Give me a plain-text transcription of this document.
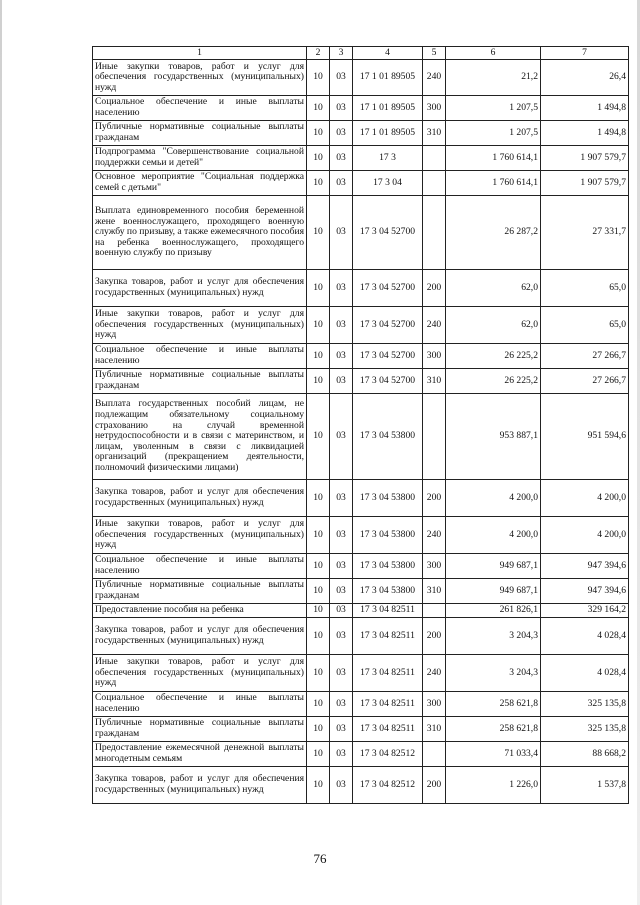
1	2	3	4	5	6	7
Иные закупки товаров, работ и услуг для обеспечения государственных (муниципальных) нужд	10	03	17 1 01 89505	240	21,2	26,4
Социальное обеспечение и иные выплаты населению	10	03	17 1 01 89505	300	1 207,5	1 494,8
Публичные нормативные социальные выплаты гражданам	10	03	17 1 01 89505	310	1 207,5	1 494,8
Подпрограмма "Совершенствование социальной поддержки семьи и детей"	10	03	17 3		1 760 614,1	1 907 579,7
Основное мероприятие "Социальная поддержка семей с детьми"	10	03	17 3 04		1 760 614,1	1 907 579,7
Выплата единовременного пособия беременной жене военнослужащего, проходящего военную службу по призыву, а также ежемесячного пособия на ребенка военнослужащего, проходящего военную службу по призыву	10	03	17 3 04 52700		26 287,2	27 331,7
Закупка товаров, работ и услуг для обеспечения государственных (муниципальных) нужд	10	03	17 3 04 52700	200	62,0	65,0
Иные закупки товаров, работ и услуг для обеспечения государственных (муниципальных) нужд	10	03	17 3 04 52700	240	62,0	65,0
Социальное обеспечение и иные выплаты населению	10	03	17 3 04 52700	300	26 225,2	27 266,7
Публичные нормативные социальные выплаты гражданам	10	03	17 3 04 52700	310	26 225,2	27 266,7
Выплата государственных пособий лицам, не подлежащим обязательному социальному страхованию на случай временной нетрудоспособности и в связи с материнством, и лицам, уволенным в связи с ликвидацией организаций (прекращением деятельности, полномочий физическими лицами)	10	03	17 3 04 53800		953 887,1	951 594,6
Закупка товаров, работ и услуг для обеспечения государственных (муниципальных) нужд	10	03	17 3 04 53800	200	4 200,0	4 200,0
Иные закупки товаров, работ и услуг для обеспечения государственных (муниципальных) нужд	10	03	17 3 04 53800	240	4 200,0	4 200,0
Социальное обеспечение и иные выплаты населению	10	03	17 3 04 53800	300	949 687,1	947 394,6
Публичные нормативные социальные выплаты гражданам	10	03	17 3 04 53800	310	949 687,1	947 394,6
Предоставление пособия на ребенка	10	03	17 3 04 82511		261 826,1	329 164,2
Закупка товаров, работ и услуг для обеспечения государственных (муниципальных) нужд	10	03	17 3 04 82511	200	3 204,3	4 028,4
Иные закупки товаров, работ и услуг для обеспечения государственных (муниципальных) нужд	10	03	17 3 04 82511	240	3 204,3	4 028,4
Социальное обеспечение и иные выплаты населению	10	03	17 3 04 82511	300	258 621,8	325 135,8
Публичные нормативные социальные выплаты гражданам	10	03	17 3 04 82511	310	258 621,8	325 135,8
Предоставление ежемесячной денежной выплаты многодетным семьям	10	03	17 3 04 82512		71 033,4	88 668,2
Закупка товаров, работ и услуг для обеспечения государственных (муниципальных) нужд	10	03	17 3 04 82512	200	1 226,0	1 537,8
76
